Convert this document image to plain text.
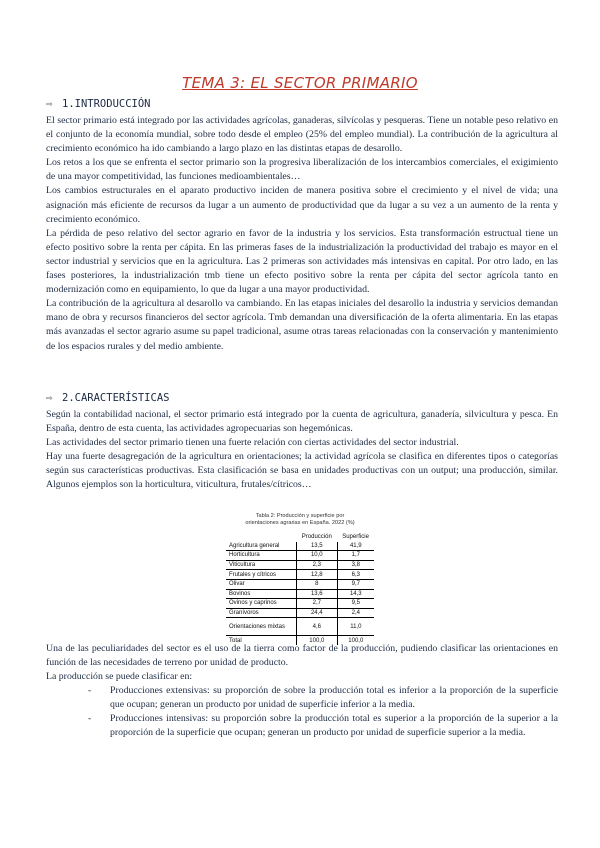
TEMA 3: EL SECTOR PRIMARIO
⇨ 1.INTRODUCCIÓN

El sector primario está integrado por las actividades agrícolas, ganaderas, silvícolas y pesqueras. Tiene un notable peso relativo en el conjunto de la economía mundial, sobre todo desde el empleo (25% del empleo mundial). La contribución de la agricultura al crecimiento económico ha ido cambiando a largo plazo en las distintas etapas de desarollo.

Los retos a los que se enfrenta el sector primario son la progresiva liberalización de los intercambios comerciales, el exigimiento de una mayor competitividad, las funciones medioambientales…

Los cambios estructurales en el aparato productivo inciden de manera positiva sobre el crecimiento y el nivel de vida; una asignación más eficiente de recursos da lugar a un aumento de productividad que da lugar a su vez a un aumento de la renta y crecimiento económico.

La pérdida de peso relativo del sector agrario en favor de la industria y los servicios. Esta transformación estructual tiene un efecto positivo sobre la renta per cápita. En las primeras fases de la industrialización la productividad del trabajo es mayor en el sector industrial y servicios que en la agricultura. Las 2 primeras son actividades más intensivas en capital. Por otro lado, en las fases posteriores, la industrialización tmb tiene un efecto positivo sobre la renta per cápita del sector agrícola tanto en modernización como en equipamiento, lo que da lugar a una mayor productividad.

La contribución de la agricultura al desarollo va cambiando. En las etapas iniciales del desarollo la industria y servicios demandan mano de obra y recursos financieros del sector agrícola. Tmb demandan una diversificación de la oferta alimentaria. En las etapas más avanzadas el sector agrario asume su papel tradicional, asume otras tareas relacionadas con la conservación y mantenimiento de los espacios rurales y del medio ambiente.

⇨ 2.CARACTERÍSTICAS

Según la contabilidad nacional, el sector primario está integrado por la cuenta de agricultura, ganadería, silvicultura y pesca. En España, dentro de esta cuenta, las actividades agropecuarias son hegemónicas.

Las actividades del sector primario tienen una fuerte relación con ciertas actividades del sector industrial.

Hay una fuerte desagregación de la agricultura en orientaciones; la actividad agrícola se clasifica en diferentes tipos o categorías según sus características productivas. Esta clasificación se basa en unidades productivas con un output; una producción, similar. Algunos ejemplos son la horticultura, viticultura, frutales/cítricos…

Tabla 2: Producción y superficie por
orientaciones agrarias en España. 2022 (%)
	Producción	Superficie
Agricultura general	13,5	41,9
Horticultura	10,0	1,7
Viticultura	2,3	3,8
Frutales y cítricos	12,8	6,3
Olivar	8	9,7
Bovinos	13,6	14,3
Ovinos y caprinos	2,7	9,5
Granívoros	24,4	2,4
Orientaciones mixtas	4,6	11,0
Total	100,0	100,0

Una de las peculiaridades del sector es el uso de la tierra como factor de la producción, pudiendo clasificar las orientaciones en función de las necesidades de terreno por unidad de producto.

La producción se puede clasificar en:

- Producciones extensivas: su proporción de sobre la producción total es inferior a la proporción de la superficie que ocupan; generan un producto por unidad de superficie inferior a la media.
- Producciones intensivas: su proporción sobre la producción total es superior a la proporción de la superior a la proporción de la superficie que ocupan; generan un producto por unidad de superficie superior a la media.
